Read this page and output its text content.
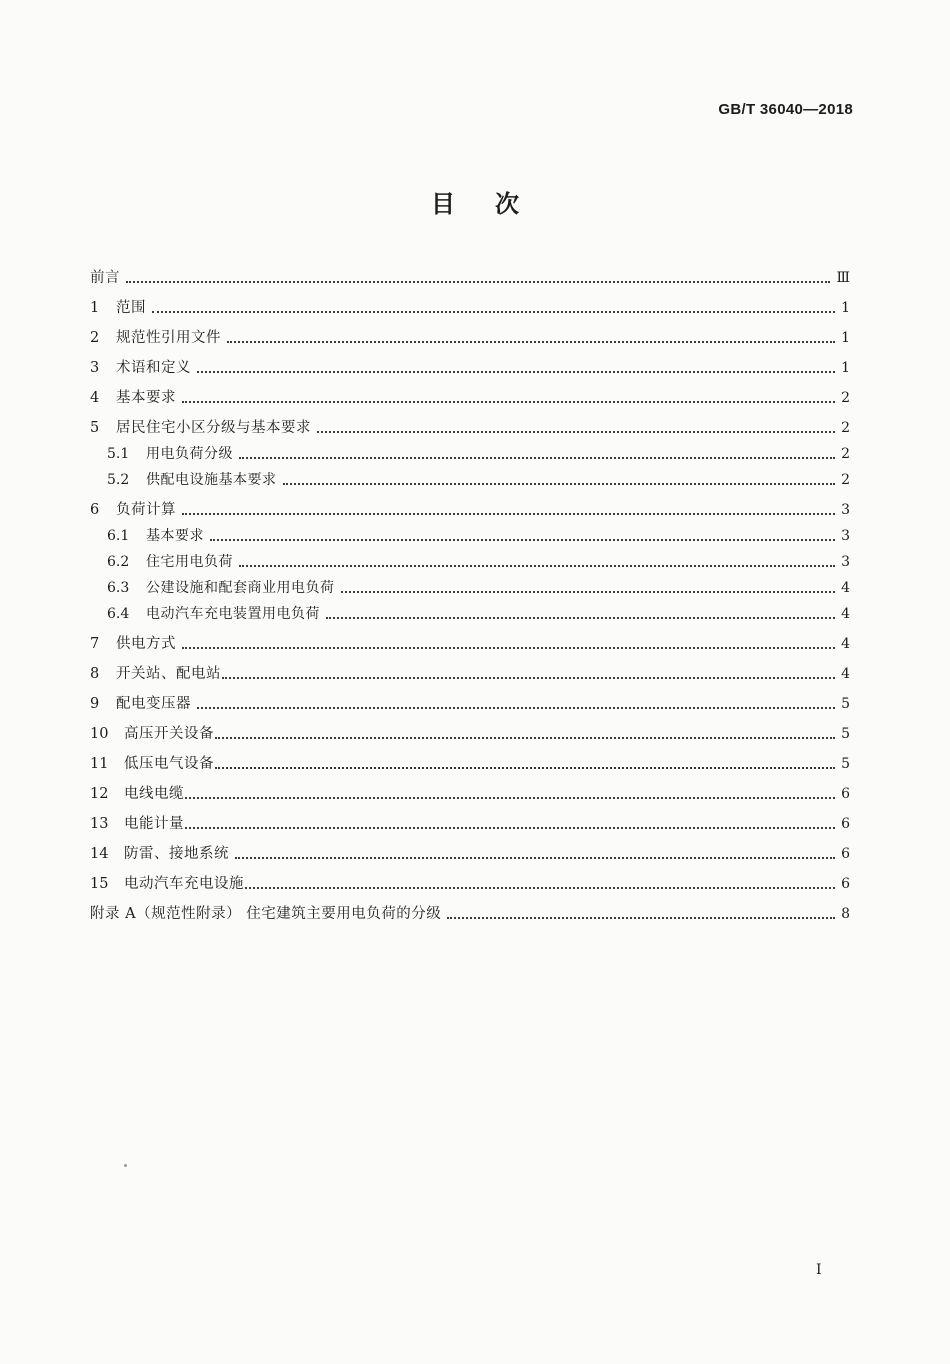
GB/T 36040—2018
目 次
前言	Ⅲ
1	范围	1
2	规范性引用文件	1
3	术语和定义	1
4	基本要求	2
5	居民住宅小区分级与基本要求	2
5.1	用电负荷分级	2
5.2	供配电设施基本要求	2
6	负荷计算	3
6.1	基本要求	3
6.2	住宅用电负荷	3
6.3	公建设施和配套商业用电负荷	4
6.4	电动汽车充电装置用电负荷	4
7	供电方式	4
8	开关站、配电站	4
9	配电变压器	5
10	高压开关设备	5
11	低压电气设备	5
12	电线电缆	6
13	电能计量	6
14	防雷、接地系统	6
15	电动汽车充电设施	6
附录 A（规范性附录） 住宅建筑主要用电负荷的分级	8
I
